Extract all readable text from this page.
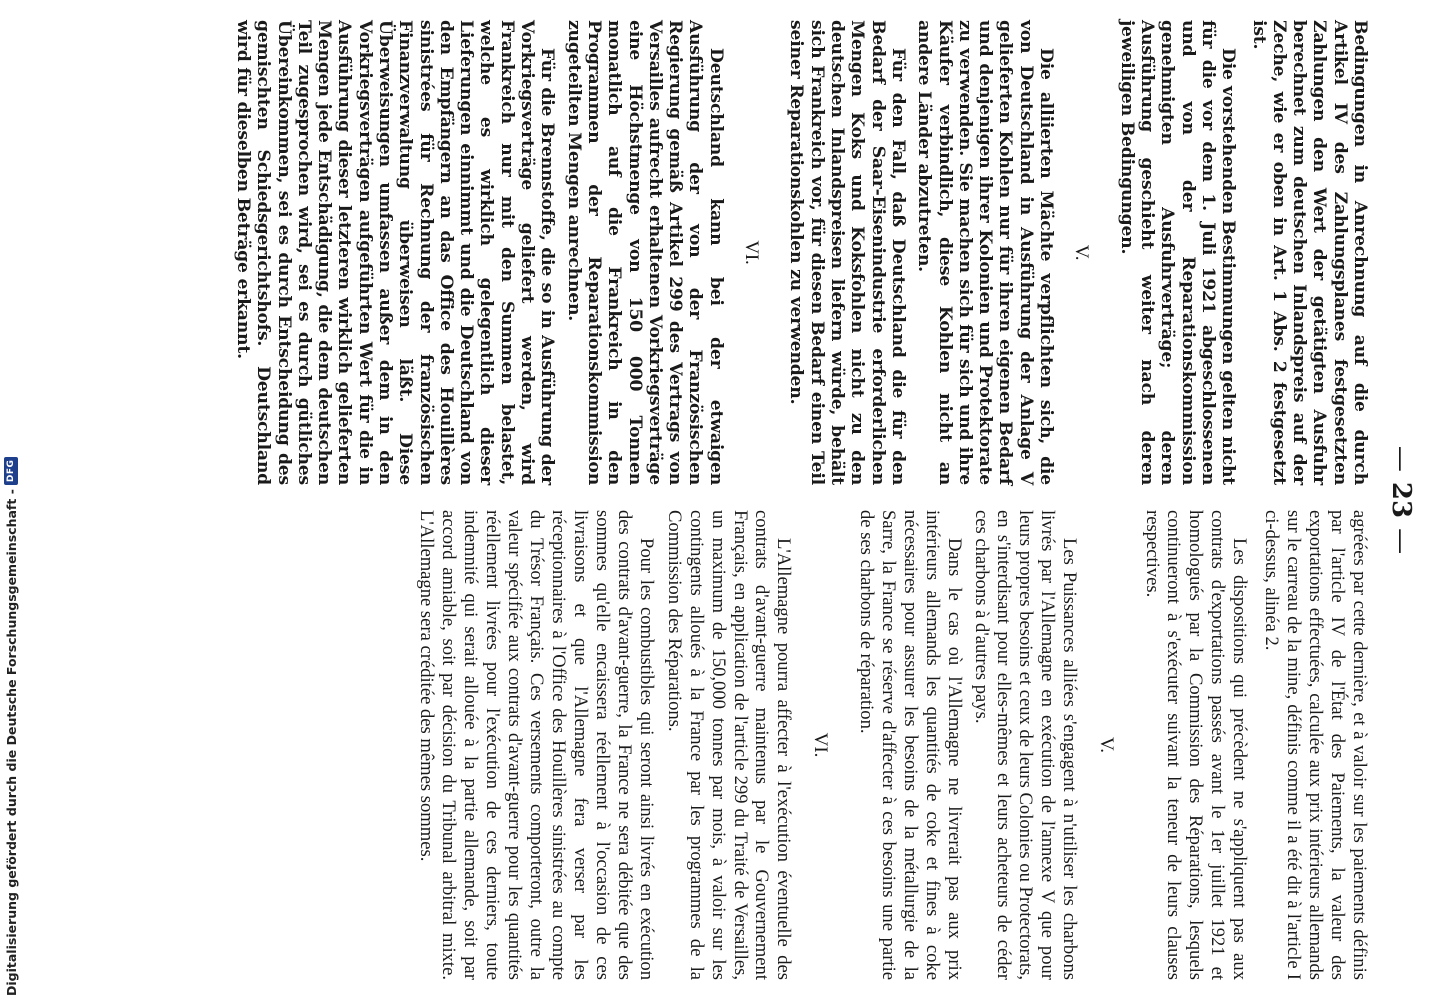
—23—

Bedingungen in Anrechnung auf die durch Artikel IV des Zahlungsplanes festgesetzten Zahlungen den Wert der getätigten Ausfuhr berechnet zum deutschen Inlandspreis auf der Zeche, wie er oben in Art. 1 Abs. 2 festgesetzt ist.

Die vorstehenden Bestimmungen gelten nicht für die vor dem 1. Juli 1921 abgeschlossenen und von der Reparationskommission genehmigten Ausfuhrverträge; deren Ausführung geschieht weiter nach deren jeweiligen Bedingungen.

V.

Die alliierten Mächte verpflichten sich, die von Deutschland in Ausführung der Anlage V gelieferten Kohlen nur für ihren eigenen Bedarf und denjenigen ihrer Kolonien und Protektorate zu verwenden. Sie machen sich für sich und ihre Käufer verbindlich, diese Kohlen nicht an andere Länder abzutreten.

Für den Fall, daß Deutschland die für den Bedarf der Saar-Eisenindustrie erforderlichen Mengen Koks und Koksfohlen nicht zu den deutschen Inlandspreisen liefern würde, behält sich Frankreich vor, für diesen Bedarf einen Teil seiner Reparationskohlen zu verwenden.

VI.

Deutschland kann bei der etwaigen Ausführung der von der Französischen Regierung gemäß Artikel 299 des Vertrags von Versailles aufrecht erhaltenen Vorkriegsverträge eine Höchstmenge von 150 000 Tonnen monatlich auf die Frankreich in den Programmen der Reparationskommission zugeteilten Mengen anrechnen.

Für die Brennstoffe, die so in Ausführung der Vorkriegsverträge geliefert werden, wird Frankreich nur mit den Summen belastet, welche es wirklich gelegentlich dieser Lieferungen einnimmt und die Deutschland von den Empfängern an das Office des Houillères sinistrées für Rechnung der französischen Finanzverwaltung überweisen läßt. Diese Überweisungen umfassen außer dem in den Vorkriegsverträgen aufgeführten Wert für die in Ausführung dieser letzteren wirklich gelieferten Mengen jede Entschädigung, die dem deutschen Teil zugesprochen wird, sei es durch gütliches Übereinkommen, sei es durch Entscheidung des gemischten Schiedsgerichtshofs. Deutschland wird für dieselben Beträge erkannt.

agréées par cette dernière, et à valoir sur les paiements définis par l'article IV de l'État des Paiements, la valeur des exportations effectuées, calculée aux prix intérieurs allemands sur le carreau de la mine, définis comme il a été dit à l'article I ci-dessus, alinéa 2.

Les dispositions qui précèdent ne s'appliquent pas aux contrats d'exportations passés avant le 1er juillet 1921 et homologués par la Commission des Réparations, lesquels continueront à s'exécuter suivant la teneur de leurs clauses respectives.

V.

Les Puissances alliées s'engagent à n'utiliser les charbons livrés par l'Allemagne en exécution de l'annexe V que pour leurs propres besoins et ceux de leurs Colonies ou Protectorats, en s'interdisant pour elles-mêmes et leurs acheteurs de céder ces charbons à d'autres pays.

Dans le cas où l'Allemagne ne livrerait pas aux prix intérieurs allemands les quantités de coke et fines à coke nécessaires pour assurer les besoins de la métallurgie de la Sarre, la France se réserve d'affecter à ces besoins une partie de ses charbons de réparation.

VI.

L'Allemagne pourra affecter à l'exécution éventuelle des contrats d'avant-guerre maintenus par le Gouvernement Français, en application de l'article 299 du Traité de Versailles, un maximum de 150,000 tonnes par mois, à valoir sur les contingents alloués à la France par les programmes de la Commission des Réparations.

Pour les combustibles qui seront ainsi livrés en exécution des contrats d'avant-guerre, la France ne sera débitée que des sommes qu'elle encaissera réellement à l'occasion de ces livraisons et que l'Allemagne fera verser par les réceptionnaires à l'Office des Houillères sinistrées au compte du Trésor Français. Ces versements comporteront, outre la valeur spécifiée aux contrats d'avant-guerre pour les quantités réellement livrées pour l'exécution de ces derniers, toute indemnité qui serait allouée à la partie allemande, soit par accord amiable, soit par décision du Tribunal arbitral mixte. L'Allemagne sera créditée des mêmes sommes.

Digitalisierung gefördert durch die Deutsche Forschungsgemeinschaft -
DFG
